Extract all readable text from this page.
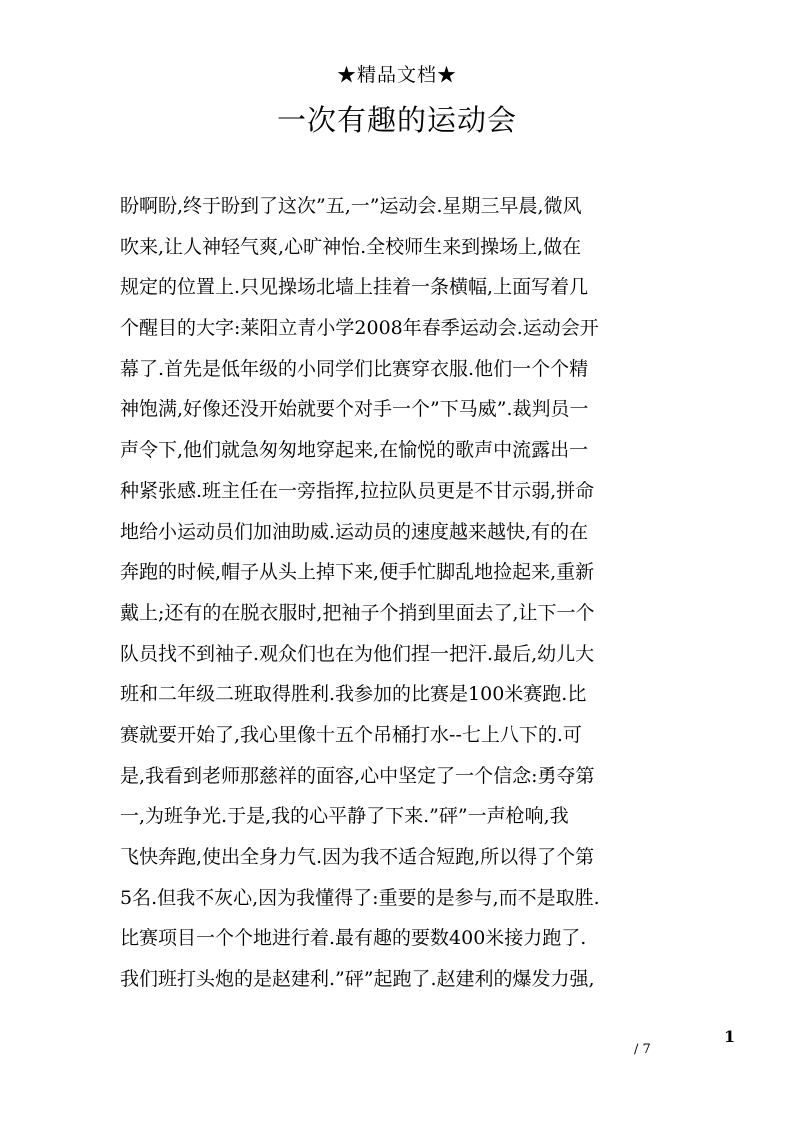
★精品文档★
一次有趣的运动会
盼啊盼,终于盼到了这次”五,一”运动会.星期三早晨,微风
吹来,让人神轻气爽,心旷神怡.全校师生来到操场上,做在
规定的位置上.只见操场北墙上挂着一条横幅,上面写着几
个醒目的大字:莱阳立青小学2008年春季运动会.运动会开
幕了.首先是低年级的小同学们比赛穿衣服.他们一个个精
神饱满,好像还没开始就要个对手一个”下马威”.裁判员一
声令下,他们就急匆匆地穿起来,在愉悦的歌声中流露出一
种紧张感.班主任在一旁指挥,拉拉队员更是不甘示弱,拼命
地给小运动员们加油助威.运动员的速度越来越快,有的在
奔跑的时候,帽子从头上掉下来,便手忙脚乱地捡起来,重新
戴上;还有的在脱衣服时,把袖子个捎到里面去了,让下一个
队员找不到袖子.观众们也在为他们捏一把汗.最后,幼儿大
班和二年级二班取得胜利.我参加的比赛是100米赛跑.比
赛就要开始了,我心里像十五个吊桶打水--七上八下的.可
是,我看到老师那慈祥的面容,心中坚定了一个信念:勇夺第
一,为班争光.于是,我的心平静了下来.”砰”一声枪响,我
飞快奔跑,使出全身力气.因为我不适合短跑,所以得了个第
5名.但我不灰心,因为我懂得了:重要的是参与,而不是取胜.
比赛项目一个个地进行着.最有趣的要数400米接力跑了.
我们班打头炮的是赵建利.”砰”起跑了.赵建利的爆发力强,
1
/ 7
